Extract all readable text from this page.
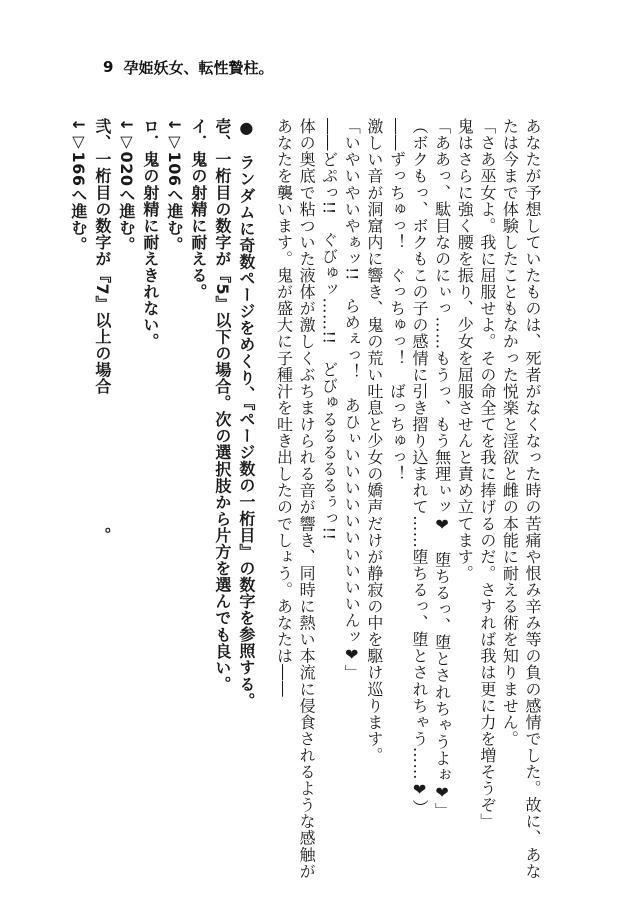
9 孕姫妖女、転性贄柱。

あなたが予想していたものは、死者がなくなった時の苦痛や恨み辛み等の負の感情でした。故に、あな

たは今まで体験したこともなかった悦楽と淫欲と雌の本能に耐える術を知りません。

「さあ巫女よ。我に屈服せよ。その命全てを我に捧げるのだ。さすれば我は更に力を増そうぞ」

鬼はさらに強く腰を振り、少女を屈服させんと責め立てます。

「ああっ、駄目なのにぃっ……もうっ、もう無理ぃッ❤　堕ちるっ、堕とされちゃうよぉ❤」

（ボクもっ、ボクもこの子の感情に引き摺り込まれて……堕ちるっ、堕とされちゃう……❤）

――ずっちゅっ！　ぐっちゅっ！　ばっちゅっ！

激しい音が洞窟内に響き、鬼の荒い吐息と少女の嬌声だけが静寂の中を駆け巡ります。

「いやいやいやぁッ!!　らめぇっ！　あひぃいいいいいいいいいいんッ❤」

――どぷっ!!　ぐびゅッ……!!　どびゅるるるるるぅっ!!

体の奥底で粘ついた液体が激しくぶちまけられる音が響き、同時に熱い本流に侵食されるような感触が

あなたを襲います。鬼が盛大に子種汁を吐き出したのでしょう。あなたは――

●　ランダムに奇数ページをめくり、『ページ数の一桁目』の数字を参照する。

壱、一桁目の数字が『5』以下の場合。次の選択肢から片方を選んでも良い。
イ．鬼の射精に耐える。
↓▽106へ進む。
ロ．鬼の射精に耐えきれない。
↓▽020へ進む。
弐、一桁目の数字が『7』以上の場合　　　　　　　　。
↓▽166へ進む。
